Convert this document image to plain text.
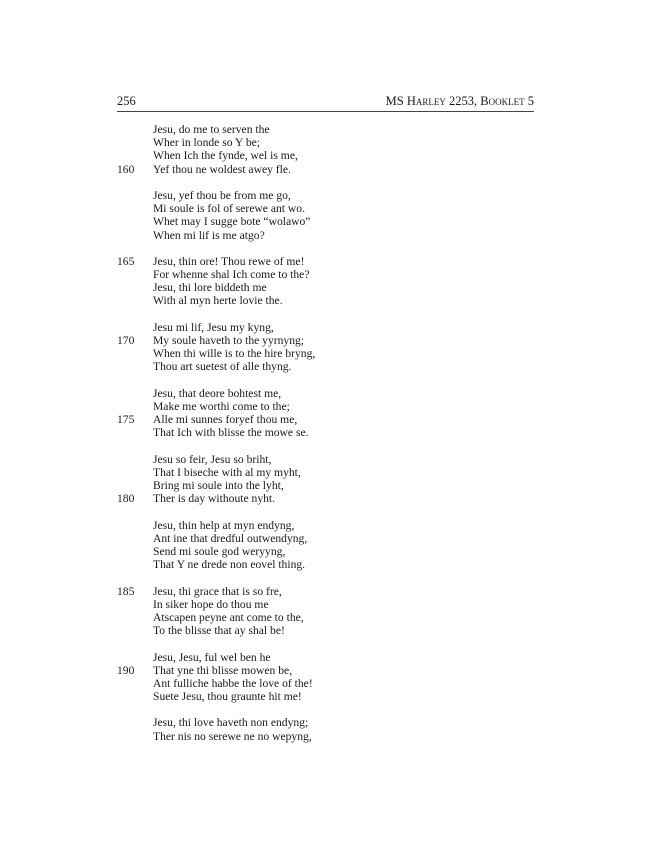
256	MS Harley 2253, Booklet 5
Jesu, do me to serven the
Wher in londe so Y be;
When Ich the fynde, wel is me,
160	Yef thou ne woldest awey fle.
Jesu, yef thou be from me go,
Mi soule is fol of serewe ant wo.
Whet may I sugge bote “wolawo”
When mi lif is me atgo?
165	Jesu, thin ore! Thou rewe of me!
For whenne shal Ich come to the?
Jesu, thi lore biddeth me
With al myn herte lovie the.
Jesu mi lif, Jesu my kyng,
170	My soule haveth to the yyrnyng;
When thi wille is to the hire bryng,
Thou art suetest of alle thyng.
Jesu, that deore bohtest me,
Make me worthi come to the;
175	Alle mi sunnes foryef thou me,
That Ich with blisse the mowe se.
Jesu so feir, Jesu so briht,
That I biseche with al my myht,
Bring mi soule into the lyht,
180	Ther is day withoute nyht.
Jesu, thin help at myn endyng,
Ant ine that dredful outwendyng,
Send mi soule god weryyng,
That Y ne drede non eovel thing.
185	Jesu, thi grace that is so fre,
In siker hope do thou me
Atscapen peyne ant come to the,
To the blisse that ay shal be!
Jesu, Jesu, ful wel ben he
190	That yne thi blisse mowen be,
Ant fulliche habbe the love of the!
Suete Jesu, thou graunte hit me!
Jesu, thi love haveth non endyng;
Ther nis no serewe ne no wepyng,
